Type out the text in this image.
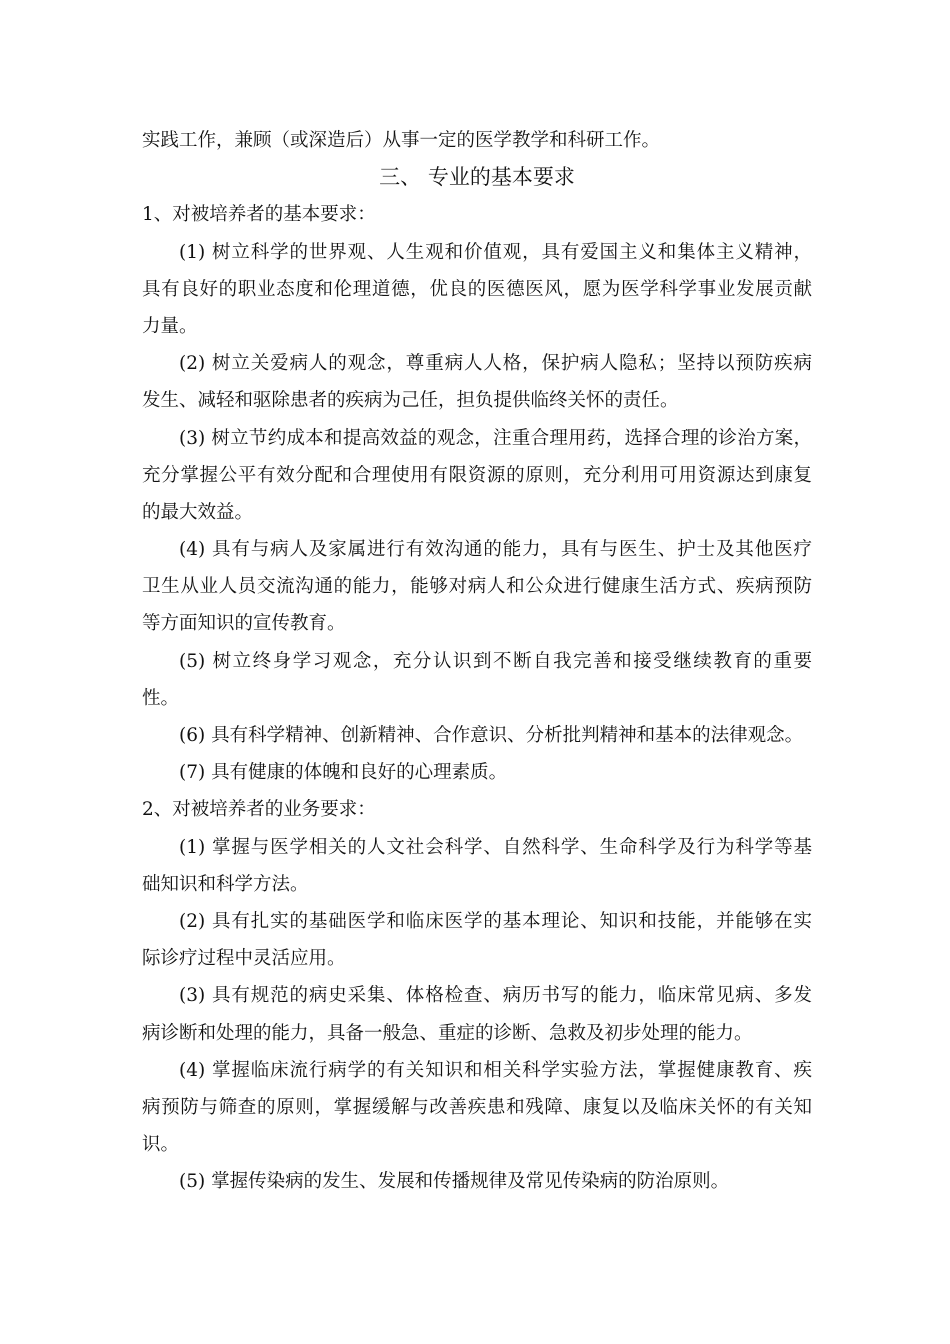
实践工作，兼顾（或深造后）从事一定的医学教学和科研工作。
三、 专业的基本要求
1、对被培养者的基本要求：
(1) 树立科学的世界观、人生观和价值观，具有爱国主义和集体主义精神，
具有良好的职业态度和伦理道德，优良的医德医风，愿为医学科学事业发展贡献
力量。
(2) 树立关爱病人的观念，尊重病人人格，保护病人隐私；坚持以预防疾病
发生、减轻和驱除患者的疾病为己任，担负提供临终关怀的责任。
(3) 树立节约成本和提高效益的观念，注重合理用药，选择合理的诊治方案，
充分掌握公平有效分配和合理使用有限资源的原则，充分利用可用资源达到康复
的最大效益。
(4) 具有与病人及家属进行有效沟通的能力，具有与医生、护士及其他医疗
卫生从业人员交流沟通的能力，能够对病人和公众进行健康生活方式、疾病预防
等方面知识的宣传教育。
(5) 树立终身学习观念，充分认识到不断自我完善和接受继续教育的重要
性。
(6) 具有科学精神、创新精神、合作意识、分析批判精神和基本的法律观念。
(7) 具有健康的体魄和良好的心理素质。
2、对被培养者的业务要求：
(1) 掌握与医学相关的人文社会科学、自然科学、生命科学及行为科学等基
础知识和科学方法。
(2) 具有扎实的基础医学和临床医学的基本理论、知识和技能，并能够在实
际诊疗过程中灵活应用。
(3) 具有规范的病史采集、体格检查、病历书写的能力，临床常见病、多发
病诊断和处理的能力，具备一般急、重症的诊断、急救及初步处理的能力。
(4) 掌握临床流行病学的有关知识和相关科学实验方法，掌握健康教育、疾
病预防与筛查的原则，掌握缓解与改善疾患和残障、康复以及临床关怀的有关知
识。
(5) 掌握传染病的发生、发展和传播规律及常见传染病的防治原则。
